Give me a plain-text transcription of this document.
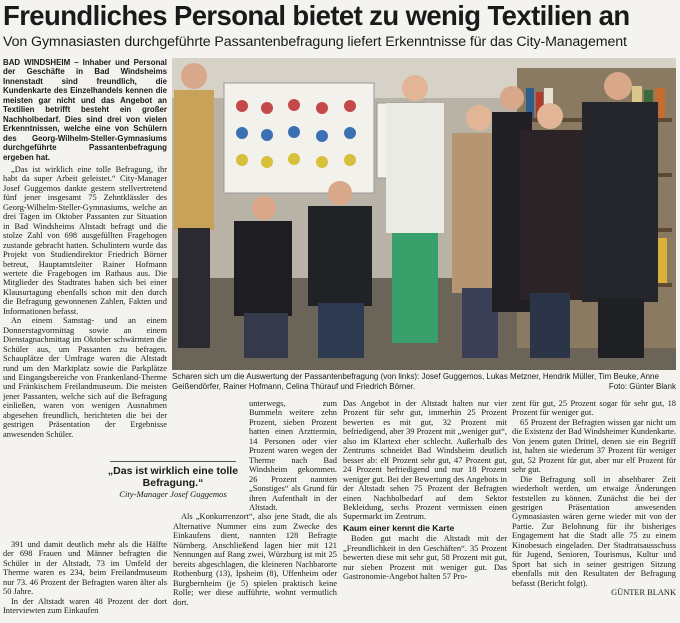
Freundliches Personal bietet zu wenig Textilien an
Von Gymnasiasten durchgeführte Passantenbefragung liefert Erkenntnisse für das City-Management

BAD WINDSHEIM – Inhaber und Personal der Geschäfte in Bad Windsheims Innenstadt sind freundlich, die Kundenkarte des Einzelhandels kennen die meisten gar nicht und das Angebot an Textilien betrifft besteht ein großer Nachholbedarf. Dies sind drei von vielen Erkenntnissen, welche eine von Schülern des Georg-Wilhelm-Steller-Gymnasiums durchgeführte Passantenbefragung ergeben hat.

„Das ist wirklich eine tolle Befragung, ihr habt da super Arbeit geleistet.“ City-Manager Josef Guggemos dankte gestern stellvertretend fünf jener insgesamt 75 Zehntklässler des Georg-Wilhelm-Steller-Gymnasiums, welche an drei Tagen im Oktober Passanten zur Situation in Bad Windsheims Altstadt befragt und die stolze Zahl von 698 ausgefüllten Fragebogen zustande gebracht hatten. Schulintern wurde das Projekt von Studiendirektor Friedrich Börner betreut, Hauptamtsleiter Rainer Hofmann wertete die Fragebogen im Rathaus aus. Die Mitglieder des Stadtrates haben sich bei einer Klausurtagung ebenfalls schon mit den durch die Befragung gewonnenen Zahlen, Fakten und Informationen befasst.

An einem Samstag- und an einem Donnerstagvormittag sowie an einem Dienstagnachmittag im Oktober schwärmten die Schüler aus, um Passanten zu befragen. Schauplätze der Umfrage waren die Altstadt rund um den Marktplatz sowie die Parkplätze und Eingangsbereiche von Frankenland-Therme und Fränkischem Freilandmuseum. Die meisten jener Passanten, welche sich auf die Befragung einließen, waren von wenigen Ausnahmen abgesehen freundlich, berichteten die bei der gestrigen Präsentation der Ergebnisse anwesenden Schüler.

391 und damit deutlich mehr als die Hälfte der 698 Frauen und Männer befragten die Schüler in der Altstadt, 73 im Umfeld der Therme waren es 234, beim Freilandmuseum nur 73. 46 Prozent der Befragten waren älter als 50 Jahre.

In der Altstadt waren 48 Prozent der dort Interviewten zum Einkaufen

„Das ist wirklich eine tolle Befragung.“
City-Manager Josef Guggemos
Scharen sich um die Auswertung der Passantenbefragung (von links): Josef Guggemos, Lukas Metzner, Hendrik Müller, Tim Beuke, Anne Geißendörfer, Rainer Hofmann, Celina Thürauf und Friedrich Börner.	Foto: Günter Blank

unterwegs, zum Bummeln weitere zehn Prozent, sieben Prozent hatten einen Arzttermin, 14 Personen oder vier Prozent waren wegen der Therme nach Bad Windsheim gekommen. 26 Prozent nannten „Sonstiges“ als Grund für ihren Aufenthalt in der Altstadt.

Als „Konkurrenzort“, also jene Stadt, die als Alternative Nummer eins zum Zwecke des Einkaufens dient, nannten 128 Befragte Nürnberg. Anschließend lagen hier mit 121 Nennungen auf Rang zwei, Würzburg ist mit 25 bereits abgeschlagen, die kleineren Nachbarorte Rothenburg (13), Ipsheim (8), Uffenheim oder Burgbernheim (je 5) spielen praktisch keine Rolle; wer diese aufführte, wohnt vermutlich dort.

Das Angebot in der Altstadt halten nur vier Prozent für sehr gut, immerhin 25 Prozent bewerten es mit gut, 32 Prozent mit befriedigend, aber 39 Prozent mit „weniger gut“, also im Klartext eher schlecht. Außerhalb des Zentrums schneidet Bad Windsheim deutlich besser ab: elf Prozent sehr gut, 47 Prozent gut, 24 Prozent befriedigend und nur 18 Prozent weniger gut. Bei der Bewertung des Angebots in der Altstadt sehen 75 Prozent der Befragten einen Nachholbedarf auf dem Sektor Bekleidung, sechs Prozent vermissen einen Supermarkt im Zentrum.

Kaum einer kennt die Karte

Boden gut macht die Altstadt mit der „Freundlichkeit in den Geschäften“. 35 Prozent bewerten diese mit sehr gut, 58 Prozent mit gut, nur sieben Prozent mit weniger gut. Das Gastronomie-Angebot halten 57 Pro-

zent für gut, 25 Prozent sogar für sehr gut, 18 Prozent für weniger gut.

65 Prozent der Befragten wissen gar nicht um die Existenz der Bad Windsheimer Kundenkarte. Von jenem guten Drittel, denen sie ein Begriff ist, halten sie wiederum 37 Prozent für weniger gut, 52 Prozent für gut, aber nur elf Prozent für sehr gut.

Die Befragung soll in absehbarer Zeit wiederholt werden, um etwaige Änderungen feststellen zu können. Zunächst die bei der gestrigen Präsentation anwesenden Gymnasiasten wären gerne wieder mit von der Partie. Zur Belohnung für ihr bisheriges Engagement hat die Stadt alle 75 zu einem Kinobesuch eingeladen. Der Stadtratsausschuss für Jugend, Senioren, Tourismus, Kultur und Sport hat sich in seiner gestrigen Sitzung ebenfalls mit den Resultaten der Befragung befasst (Bericht folgt).

GÜNTER BLANK
